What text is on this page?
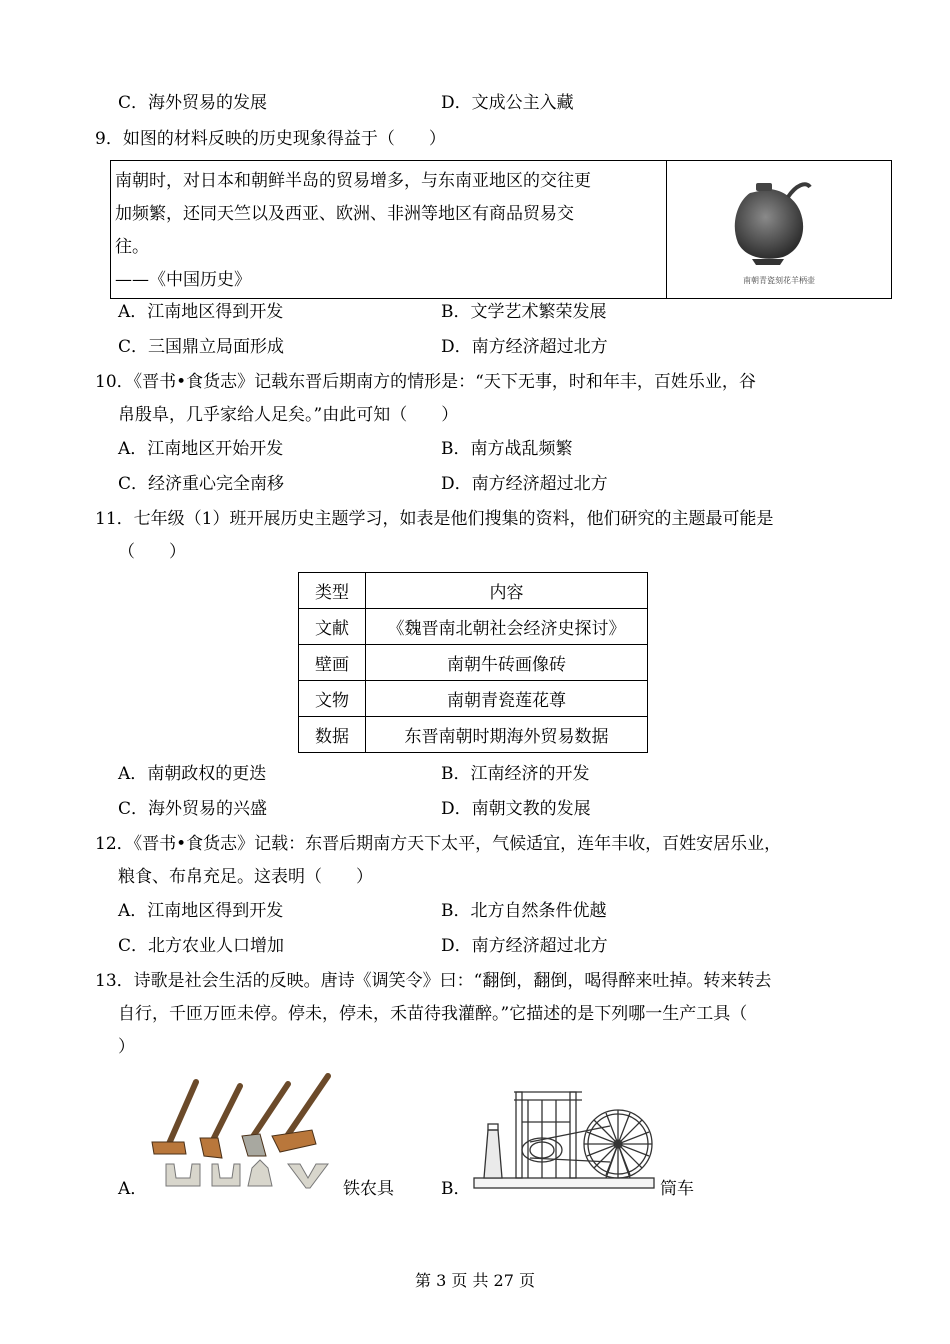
C．海外贸易的发展	D．文成公主入藏
9．如图的材料反映的历史现象得益于（　　）
南朝时，对日本和朝鲜半岛的贸易增多，与东南亚地区的交往更
加频繁，还同天竺以及西亚、欧洲、非洲等地区有商品贸易交
往。
——《中国历史》	南朝青瓷刻花羊柄壶
A．江南地区得到开发	B．文学艺术繁荣发展
C．三国鼎立局面形成	D．南方经济超过北方
10．《晋书•食货志》记载东晋后期南方的情形是：“天下无事，时和年丰，百姓乐业，谷
帛殷阜，几乎家给人足矣。”由此可知（　　）
A．江南地区开始开发	B．南方战乱频繁
C．经济重心完全南移	D．南方经济超过北方
11．七年级（1）班开展历史主题学习，如表是他们搜集的资料，他们研究的主题最可能是
（　　）
类型	内容
文献	《魏晋南北朝社会经济史探讨》
壁画	南朝牛砖画像砖
文物	南朝青瓷莲花尊
数据	东晋南朝时期海外贸易数据
A．南朝政权的更迭	B．江南经济的开发
C．海外贸易的兴盛	D．南朝文教的发展
12．《晋书•食货志》记载：东晋后期南方天下太平，气候适宜，连年丰收，百姓安居乐业，
粮食、布帛充足。这表明（　　）
A．江南地区得到开发	B．北方自然条件优越
C．北方农业人口增加	D．南方经济超过北方
13．诗歌是社会生活的反映。唐诗《调笑令》曰：“翻倒，翻倒，喝得醉来吐掉。转来转去
自行，千匝万匝未停。停未，停未，禾苗待我灌醉。”它描述的是下列哪一生产工具（
）
A．	铁农具	B．	筒车
第 3 页 共 27 页
